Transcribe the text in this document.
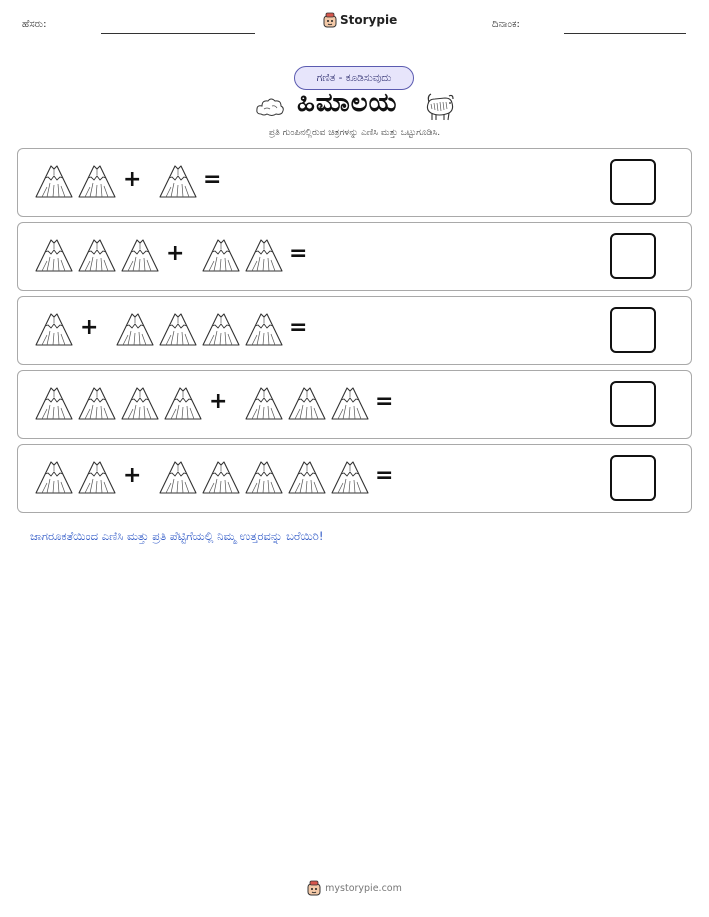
ಹೆಸರು:	Storypie	ದಿನಾಂಕ:
ಗಣಿತ - ಕೂಡಿಸುವುದು
ಹಿಮಾಲಯ
ಪ್ರತಿ ಗುಂಪಿನಲ್ಲಿರುವ ಚಿತ್ರಗಳನ್ನು ಎಣಿಸಿ ಮತ್ತು ಒಟ್ಟುಗೂಡಿಸಿ.
+	=
+	=
+	=
+	=
+	=
ಜಾಗರೂಕತೆಯಿಂದ ಎಣಿಸಿ ಮತ್ತು ಪ್ರತಿ ಪೆಟ್ಟಿಗೆಯಲ್ಲಿ ನಿಮ್ಮ ಉತ್ತರವನ್ನು ಬರೆಯಿರಿ!
mystorypie.com
